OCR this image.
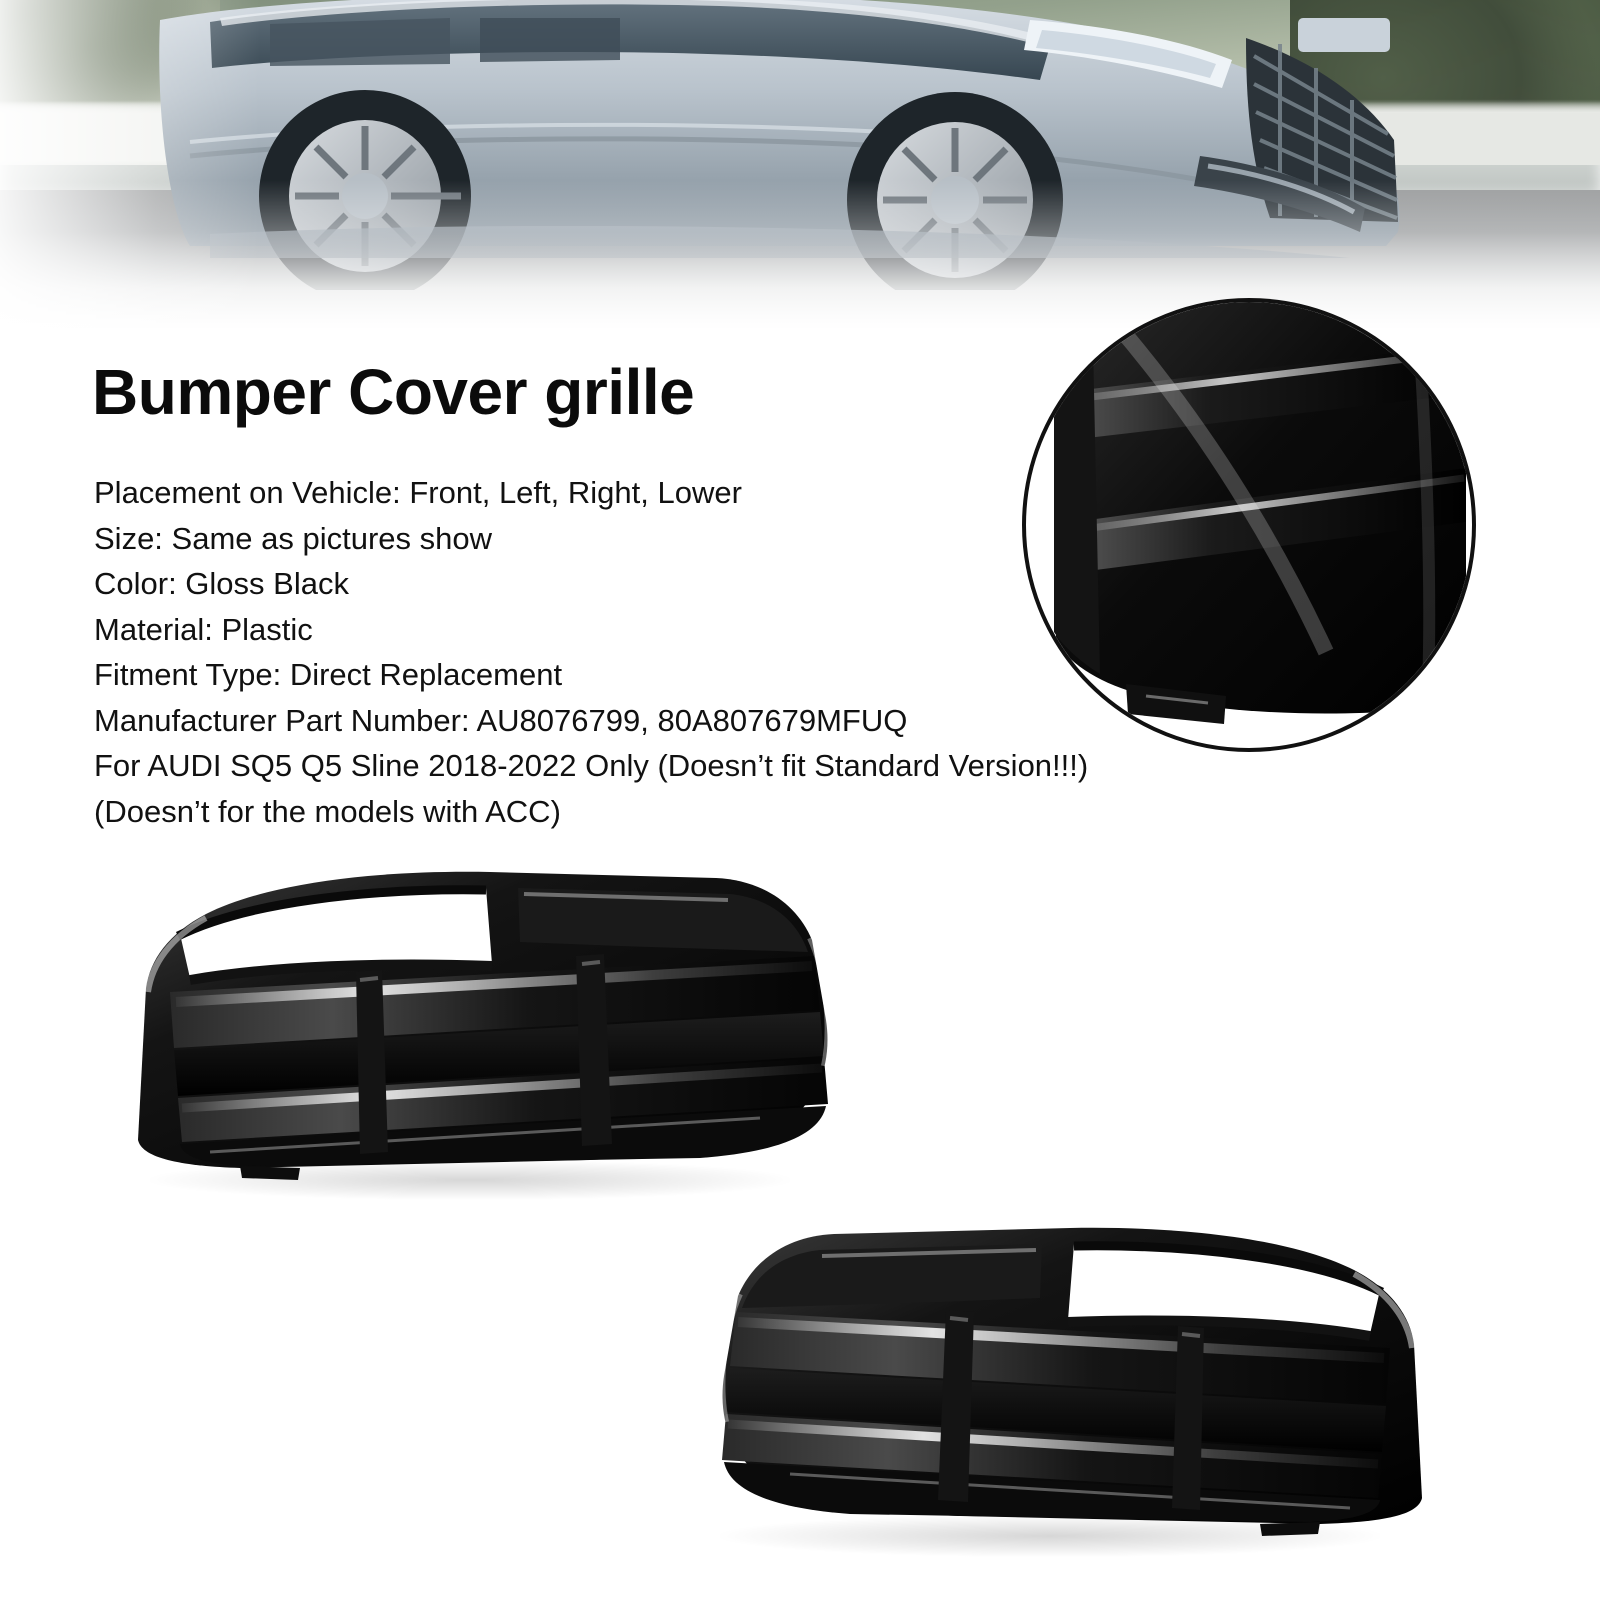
Bumper Cover grille
Placement on Vehicle: Front, Left, Right, Lower
Size: Same as pictures show
Color: Gloss Black
Material: Plastic
Fitment Type: Direct Replacement
Manufacturer Part Number: AU8076799, 80A807679MFUQ
For AUDI SQ5 Q5 Sline 2018-2022 Only (Doesn’t fit Standard Version!!!)
(Doesn’t for the models with ACC)
